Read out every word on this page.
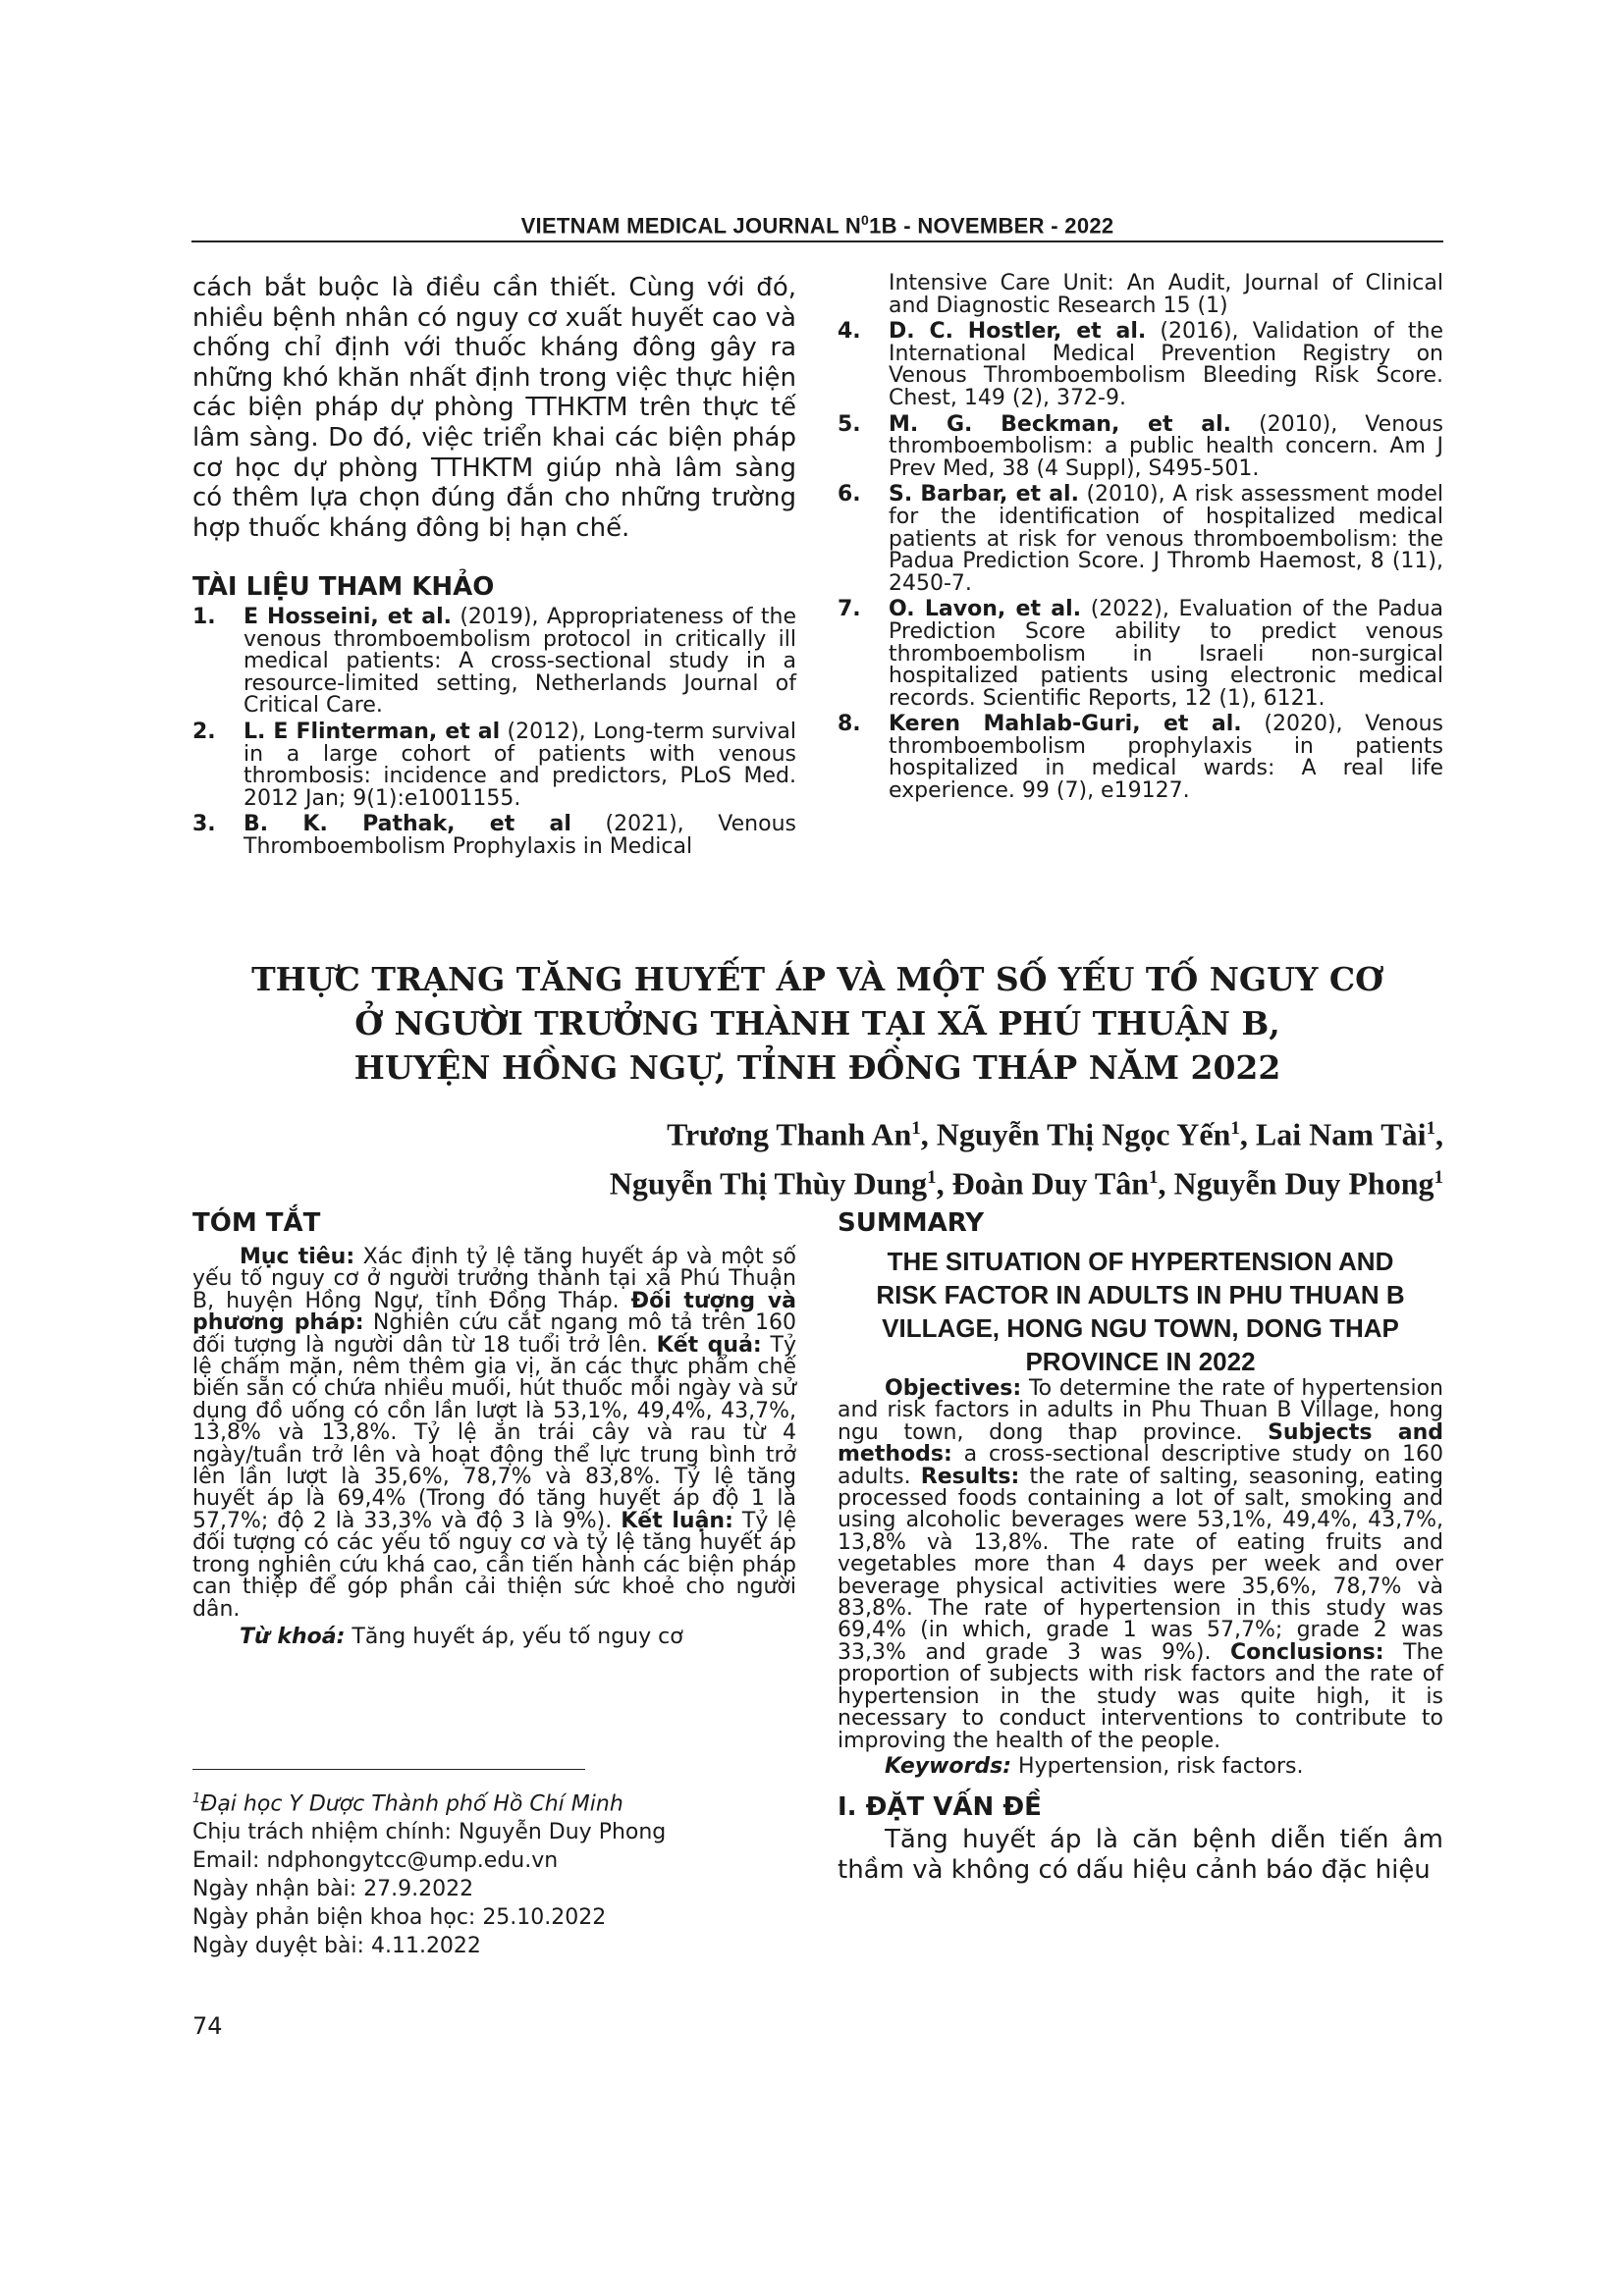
VIETNAM MEDICAL JOURNAL $N^01B$ - NOVEMBER - 2022

cách bắt buộc là điều cần thiết. Cùng với đó, nhiều bệnh nhân có nguy cơ xuất huyết cao và chống chỉ định với thuốc kháng đông gây ra những khó khăn nhất định trong việc thực hiện các biện pháp dự phòng TTHKTM trên thực tế lâm sàng. Do đó, việc triển khai các biện pháp cơ học dự phòng TTHKTM giúp nhà lâm sàng có thêm lựa chọn đúng đắn cho những trường hợp thuốc kháng đông bị hạn chế.

TÀI LIỆU THAM KHẢO
1. E Hosseini, et al. (2019), Appropriateness of the venous thromboembolism protocol in critically ill medical patients: A cross-sectional study in a resource-limited setting, Netherlands Journal of Critical Care.
2. L. E Flinterman, et al (2012), Long-term survival in a large cohort of patients with venous thrombosis: incidence and predictors, PLoS Med. 2012 Jan; 9(1):e1001155.
3. B. K. Pathak, et al (2021), Venous Thromboembolism Prophylaxis in Medical
Intensive Care Unit: An Audit, Journal of Clinical and Diagnostic Research 15 (1)
4. D. C. Hostler, et al. (2016), Validation of the International Medical Prevention Registry on Venous Thromboembolism Bleeding Risk Score. Chest, 149 (2), 372-9.
5. M. G. Beckman, et al. (2010), Venous thromboembolism: a public health concern. Am J Prev Med, 38 (4 Suppl), S495-501.
6. S. Barbar, et al. (2010), A risk assessment model for the identification of hospitalized medical patients at risk for venous thromboembolism: the Padua Prediction Score. J Thromb Haemost, 8 (11), 2450-7.
7. O. Lavon, et al. (2022), Evaluation of the Padua Prediction Score ability to predict venous thromboembolism in Israeli non-surgical hospitalized patients using electronic medical records. Scientific Reports, 12 (1), 6121.
8. Keren Mahlab-Guri, et al. (2020), Venous thromboembolism prophylaxis in patients hospitalized in medical wards: A real life experience. 99 (7), e19127.
THỰC TRẠNG TĂNG HUYẾT ÁP VÀ MỘT SỐ YẾU TỐ NGUY CƠ
Ở NGƯỜI TRƯỞNG THÀNH TẠI XÃ PHÚ THUẬN B,
HUYỆN HỒNG NGỰ, TỈNH ĐỒNG THÁP NĂM 2022
Trương Thanh An$^1$, Nguyễn Thị Ngọc Yến$^1$, Lai Nam Tài$^1$,
Nguyễn Thị Thùy Dung$^1$, Đoàn Duy Tân$^1$, Nguyễn Duy Phong$^1$
TÓM TẮT

Mục tiêu: Xác định tỷ lệ tăng huyết áp và một số yếu tố nguy cơ ở người trưởng thành tại xã Phú Thuận B, huyện Hồng Ngự, tỉnh Đồng Tháp. Đối tượng và phương pháp: Nghiên cứu cắt ngang mô tả trên 160 đối tượng là người dân từ 18 tuổi trở lên. Kết quả: Tỷ lệ chấm mặn, nêm thêm gia vị, ăn các thực phẩm chế biến sẵn có chứa nhiều muối, hút thuốc mỗi ngày và sử dụng đồ uống có cồn lần lượt là 53,1%, 49,4%, 43,7%, 13,8% và 13,8%. Tỷ lệ ăn trái cây và rau từ 4 ngày/tuần trở lên và hoạt động thể lực trung bình trở lên lần lượt là 35,6%, 78,7% và 83,8%. Tỷ lệ tăng huyết áp là 69,4% (Trong đó tăng huyết áp độ 1 là 57,7%; độ 2 là 33,3% và độ 3 là 9%). Kết luận: Tỷ lệ đối tượng có các yếu tố nguy cơ và tỷ lệ tăng huyết áp trong nghiên cứu khá cao, cần tiến hành các biện pháp can thiệp để góp phần cải thiện sức khoẻ cho người dân.

Từ khoá: Tăng huyết áp, yếu tố nguy cơ

SUMMARY
THE SITUATION OF HYPERTENSION AND
RISK FACTOR IN ADULTS IN PHU THUAN B
VILLAGE, HONG NGU TOWN, DONG THAP
PROVINCE IN 2022

Objectives: To determine the rate of hypertension and risk factors in adults in Phu Thuan B Village, hong ngu town, dong thap province. Subjects and methods: a cross-sectional descriptive study on 160 adults. Results: the rate of salting, seasoning, eating processed foods containing a lot of salt, smoking and using alcoholic beverages were 53,1%, 49,4%, 43,7%, 13,8% và 13,8%. The rate of eating fruits and vegetables more than 4 days per week and over beverage physical activities were 35,6%, 78,7% và 83,8%. The rate of hypertension in this study was 69,4% (in which, grade 1 was 57,7%; grade 2 was 33,3% and grade 3 was 9%). Conclusions: The proportion of subjects with risk factors and the rate of hypertension in the study was quite high, it is necessary to conduct interventions to contribute to improving the health of the people.

Keywords: Hypertension, risk factors.

I. ĐẶT VẤN ĐỀ
Tăng huyết áp là căn bệnh diễn tiến âm thầm và không có dấu hiệu cảnh báo đặc hiệu
$^1$Đại học Y Dược Thành phố Hồ Chí Minh
Chịu trách nhiệm chính: Nguyễn Duy Phong
Email: ndphongytcc@ump.edu.vn
Ngày nhận bài: 27.9.2022
Ngày phản biện khoa học: 25.10.2022
Ngày duyệt bài: 4.11.2022
74
